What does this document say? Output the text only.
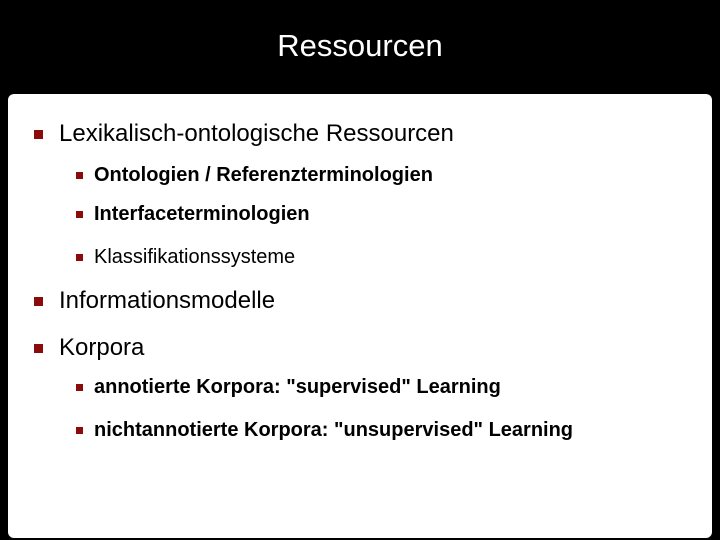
Ressourcen
Lexikalisch-ontologische Ressourcen
Ontologien / Referenzterminologien
Interfaceterminologien
Klassifikationssysteme
Informationsmodelle
Korpora
annotierte Korpora: "supervised" Learning
nichtannotierte Korpora: "unsupervised" Learning
